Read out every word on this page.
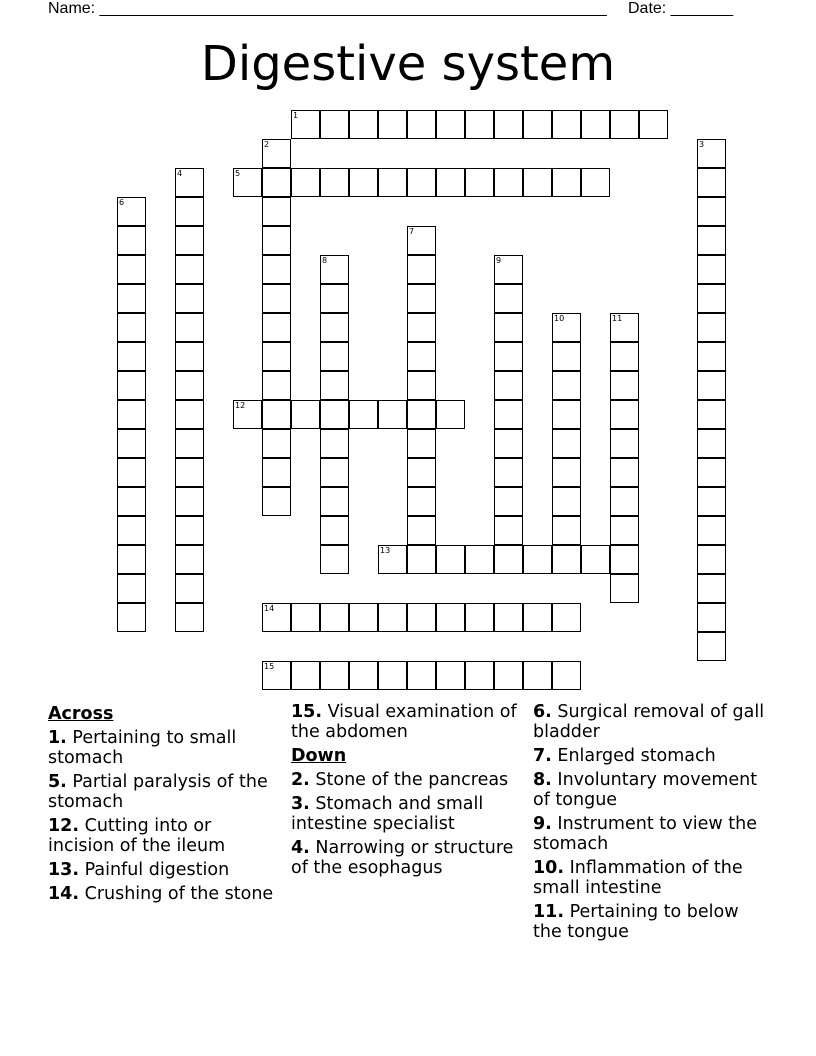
Name: _________________________________________________________ Date: _______
Digestive system
1
2	3
4	5
6
7
8	9
10	11
12
13
14
15
Across
1. Pertaining to small stomach
5. Partial paralysis of the stomach
12. Cutting into or incision of the ileum
13. Painful digestion
14. Crushing of the stone
15. Visual examination of the abdomen
Down
2. Stone of the pancreas
3. Stomach and small intestine specialist
4. Narrowing or structure of the esophagus
6. Surgical removal of gall bladder
7. Enlarged stomach
8. Involuntary movement of tongue
9. Instrument to view the stomach
10. Inflammation of the small intestine
11. Pertaining to below the tongue
